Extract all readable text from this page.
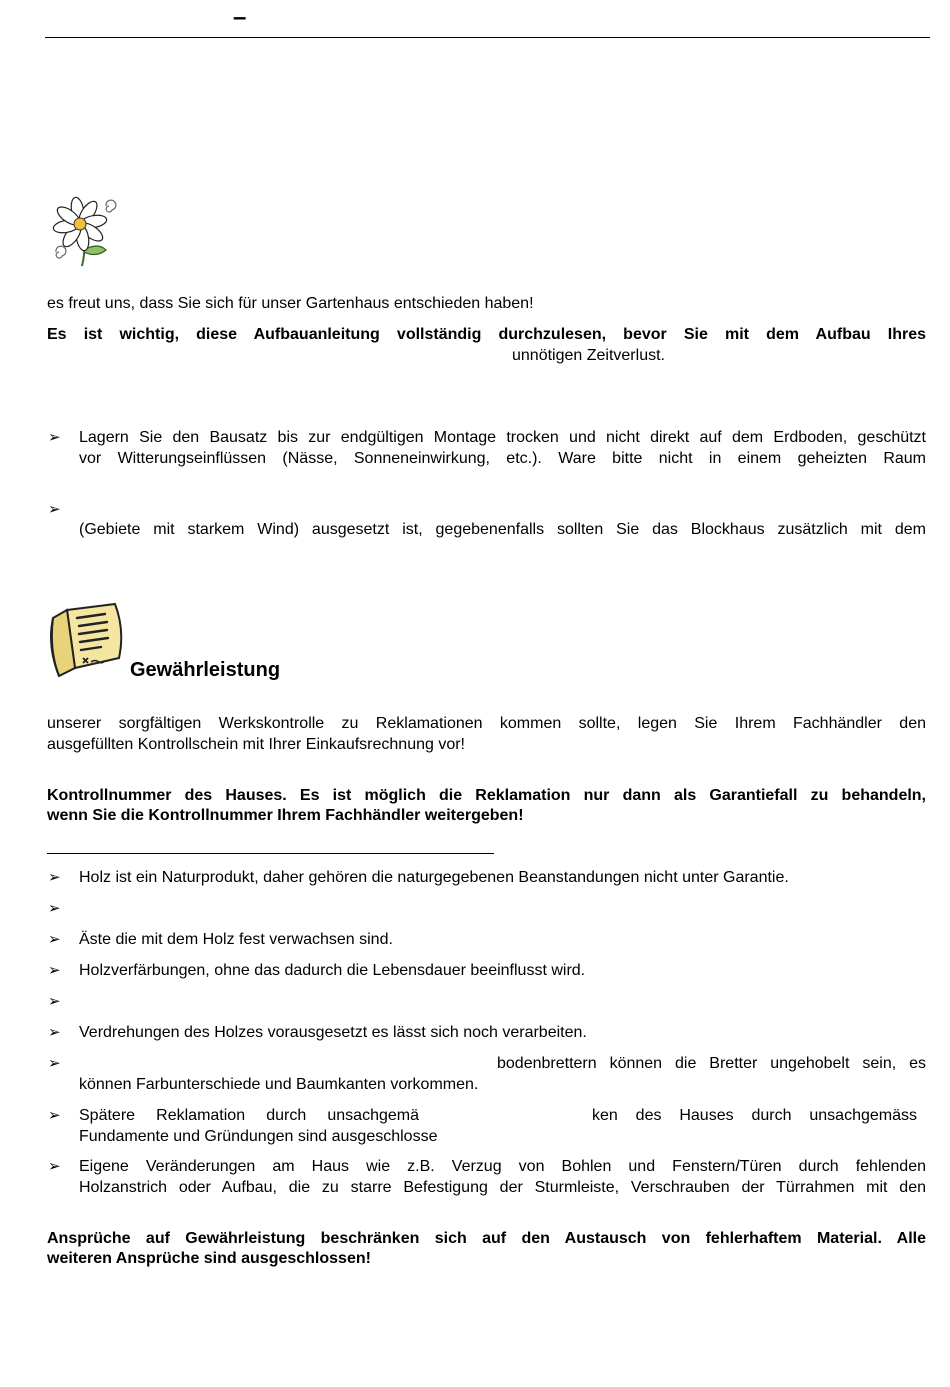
–
es freut uns, dass Sie sich für unser Gartenhaus entschieden haben!
Es ist wichtig, diese Aufbauanleitung vollständig durchzulesen, bevor Sie mit dem Aufbau Ihres
unnötigen Zeitverlust.
➢ Lagern Sie den Bausatz bis zur endgültigen Montage trocken und nicht direkt auf dem Erdboden, geschützt
vor Witterungseinflüssen (Nässe, Sonneneinwirkung, etc.). Ware bitte nicht in einem geheizten Raum
➢
(Gebiete mit starkem Wind) ausgesetzt ist, gegebenenfalls sollten Sie das Blockhaus zusätzlich mit dem
Gewährleistung
unserer sorgfältigen Werkskontrolle zu Reklamationen kommen sollte, legen Sie Ihrem Fachhändler den
ausgefüllten Kontrollschein mit Ihrer Einkaufsrechnung vor!
Kontrollnummer des Hauses. Es ist möglich die Reklamation nur dann als Garantiefall zu behandeln,
wenn Sie die Kontrollnummer Ihrem Fachhändler weitergeben!
➢ Holz ist ein Naturprodukt, daher gehören die naturgegebenen Beanstandungen nicht unter Garantie.
➢
➢ Äste die mit dem Holz fest verwachsen sind.
➢ Holzverfärbungen, ohne das dadurch die Lebensdauer beeinflusst wird.
➢
➢ Verdrehungen des Holzes vorausgesetzt es lässt sich noch verarbeiten.
➢	bodenbrettern können die Bretter ungehobelt sein, es
können Farbunterschiede und Baumkanten vorkommen.
➢ Spätere Reklamation durch unsachgemä	ken des Hauses durch unsachgemäss
Fundamente und Gründungen sind ausgeschlosse
➢ Eigene Veränderungen am Haus wie z.B. Verzug von Bohlen und Fenstern/Türen durch fehlenden
Holzanstrich oder Aufbau, die zu starre Befestigung der Sturmleiste, Verschrauben der Türrahmen mit den
Ansprüche auf Gewährleistung beschränken sich auf den Austausch von fehlerhaftem Material. Alle
weiteren Ansprüche sind ausgeschlossen!
